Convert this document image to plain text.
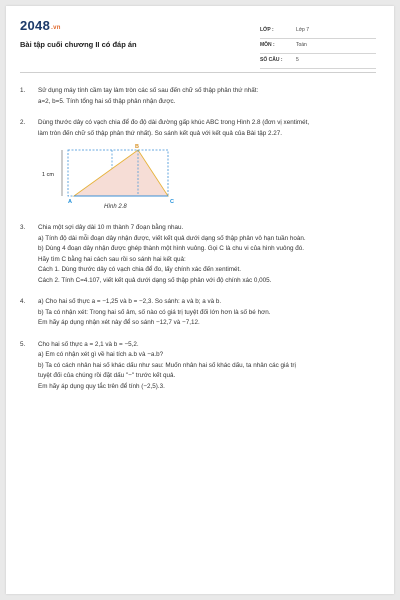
2048.vn
Bài tập cuối chương II có đáp án
LỚP :	Lớp 7
MÔN :	Toán
SỐ CÂU :	5
1. Sử dụng máy tính cầm tay làm tròn các số sau đến chữ số thập phân thứ nhất:
a=2, b=5. Tính tổng hai số thập phân nhận được.
2. Dùng thước dây có vạch chia để đo độ dài đường gấp khúc ABC trong Hình 2.8 (đơn vị xentimét,
làm tròn đến chữ số thập phân thứ nhất). So sánh kết quả với kết quả của Bài tập 2.27.
1 cm
A
B
C
Hình 2.8
3. Chia một sợi dây dài 10 m thành 7 đoạn bằng nhau.
a) Tính độ dài mỗi đoạn dây nhận được, viết kết quả dưới dạng số thập phân vô hạn tuần hoàn.
b) Dùng 4 đoạn dây nhận được ghép thành một hình vuông. Gọi C là chu vi của hình vuông đó.
Hãy tìm C bằng hai cách sau rồi so sánh hai kết quả:
Cách 1. Dùng thước dây có vạch chia để đo, lấy chính xác đến xentimét.
Cách 2. Tính C=4.107, viết kết quả dưới dạng số thập phân với độ chính xác 0,005.
4. a) Cho hai số thực a = −1,25 và b = −2,3. So sánh: a và b; a và b.
b) Ta có nhận xét: Trong hai số âm, số nào có giá trị tuyệt đối lớn hơn là số bé hơn.
Em hãy áp dụng nhận xét này để so sánh −12,7 và −7,12.
5. Cho hai số thực a = 2,1 và b = −5,2.
a) Em có nhận xét gì về hai tích a.b và −a.b?
b) Ta có cách nhân hai số khác dấu như sau: Muốn nhân hai số khác dấu, ta nhân các giá trị
tuyệt đối của chúng rồi đặt dấu "−" trước kết quả.
Em hãy áp dụng quy tắc trên để tính (−2,5).3.
